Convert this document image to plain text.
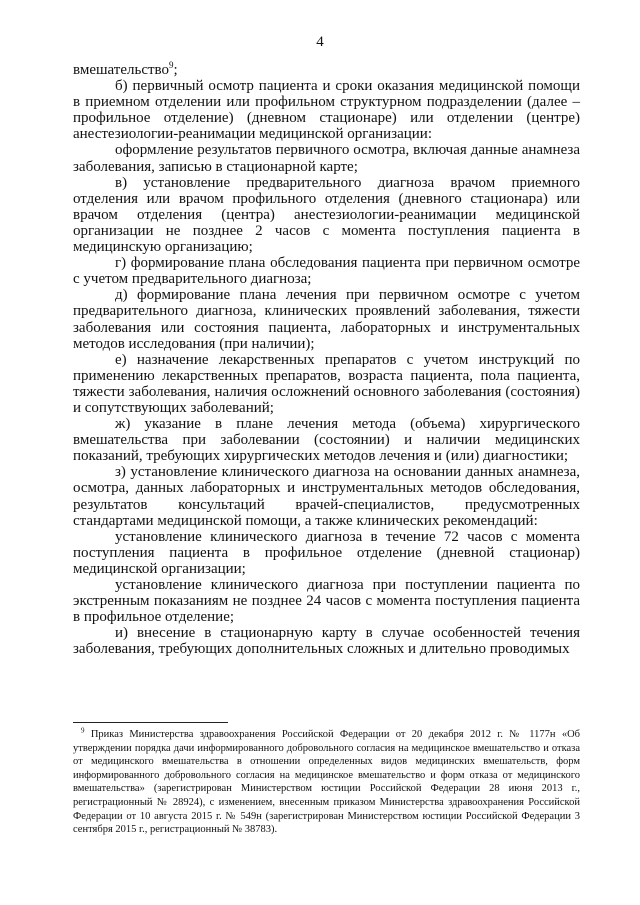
4

вмешательство$^9$;

б) первичный осмотр пациента и сроки оказания медицинской помощи в приемном отделении или профильном структурном подразделении (далее – профильное отделение) (дневном стационаре) или отделении (центре) анестезиологии-реанимации медицинской организации:

оформление результатов первичного осмотра, включая данные анамнеза заболевания, записью в стационарной карте;

в) установление предварительного диагноза врачом приемного отделения или врачом профильного отделения (дневного стационара) или врачом отделения (центра) анестезиологии-реанимации медицинской организации не позднее 2 часов с момента поступления пациента в медицинскую организацию;

г) формирование плана обследования пациента при первичном осмотре с учетом предварительного диагноза;

д) формирование плана лечения при первичном осмотре с учетом предварительного диагноза, клинических проявлений заболевания, тяжести заболевания или состояния пациента, лабораторных и инструментальных методов исследования (при наличии);

е) назначение лекарственных препаратов с учетом инструкций по применению лекарственных препаратов, возраста пациента, пола пациента, тяжести заболевания, наличия осложнений основного заболевания (состояния) и сопутствующих заболеваний;

ж) указание в плане лечения метода (объема) хирургического вмешательства при заболевании (состоянии) и наличии медицинских показаний, требующих хирургических методов лечения и (или) диагностики;

з) установление клинического диагноза на основании данных анамнеза, осмотра, данных лабораторных и инструментальных методов обследования, результатов консультаций врачей-специалистов, предусмотренных стандартами медицинской помощи, а также клинических рекомендаций:

установление клинического диагноза в течение 72 часов с момента поступления пациента в профильное отделение (дневной стационар) медицинской организации;

установление клинического диагноза при поступлении пациента по экстренным показаниям не позднее 24 часов с момента поступления пациента в профильное отделение;

и) внесение в стационарную карту в случае особенностей течения заболевания, требующих дополнительных сложных и длительно проводимых

$^9$ Приказ Министерства здравоохранения Российской Федерации от 20 декабря 2012 г. № 1177н «Об утверждении порядка дачи информированного добровольного согласия на медицинское вмешательство и отказа от медицинского вмешательства в отношении определенных видов медицинских вмешательств, форм информированного добровольного согласия на медицинское вмешательство и форм отказа от медицинского вмешательства» (зарегистрирован Министерством юстиции Российской Федерации 28 июня 2013 г., регистрационный № 28924), с изменением, внесенным приказом Министерства здравоохранения Российской Федерации от 10 августа 2015 г. № 549н (зарегистрирован Министерством юстиции Российской Федерации 3 сентября 2015 г., регистрационный № 38783).
